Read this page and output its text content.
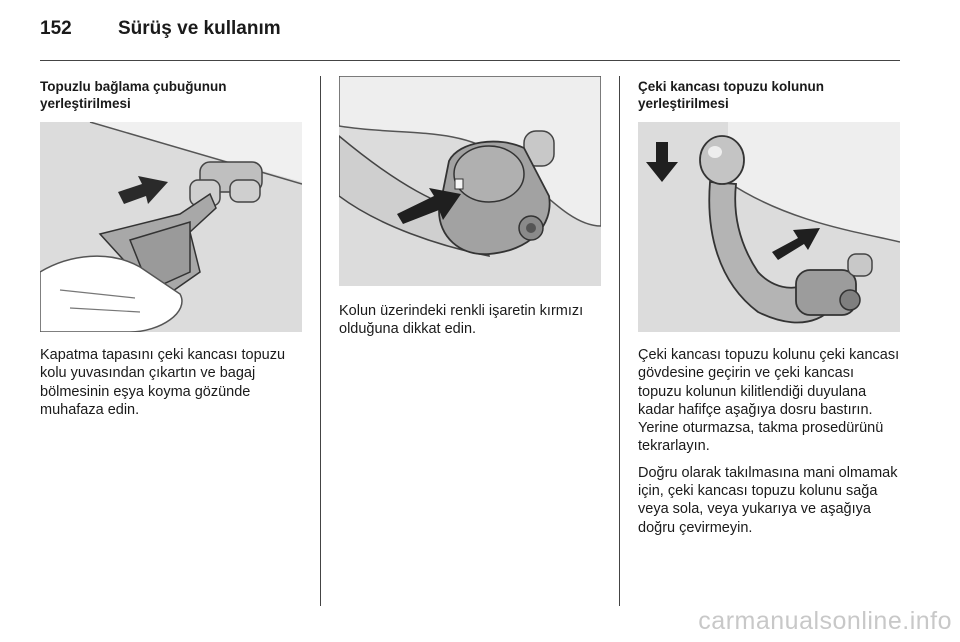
152	Sürüş ve kullanım
Topuzlu bağlama çubuğunun yerleştirilmesi

Kapatma tapasını çeki kancası topuzu kolu yuvasından çıkartın ve bagaj bölmesinin eşya koyma gözünde muhafaza edin.

Kolun üzerindeki renkli işaretin kırmızı olduğuna dikkat edin.

Çeki kancası topuzu kolunun yerleştirilmesi

Çeki kancası topuzu kolunu çeki kancası gövdesine geçirin ve çeki kancası topuzu kolunun kilitlendiği duyulana kadar hafifçe aşağıya dosru bastırın. Yerine oturmazsa, takma prosedürünü tekrarlayın.

Doğru olarak takılmasına mani olmamak için, çeki kancası topuzu kolunu sağa veya sola, veya yukarıya ve aşağıya doğru çevirmeyin.

carmanualsonline.info
